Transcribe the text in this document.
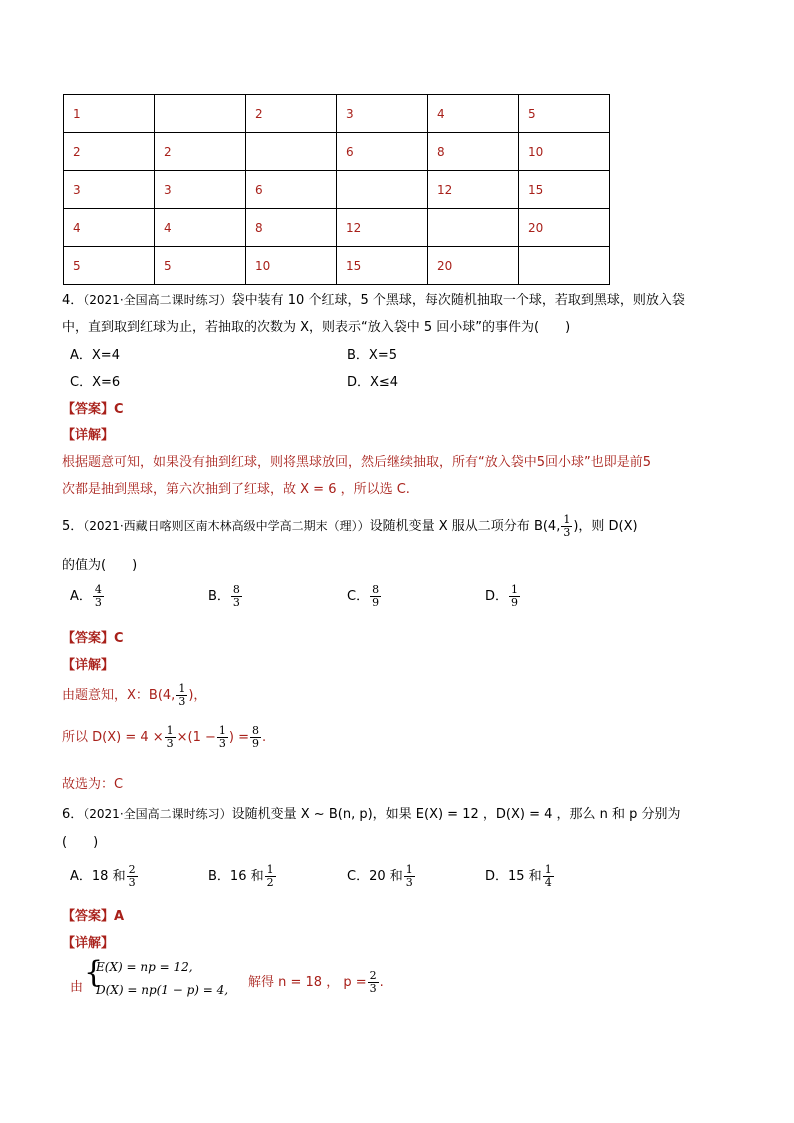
1		2	3	4	5
2	2		6	8	10
3	3	6		12	15
4	4	8	12		20
5	5	10	15	20	
4．（2021·全国高二课时练习）袋中装有 10 个红球，5 个黑球，每次随机抽取一个球，若取到黑球，则放入袋
中，直到取到红球为止，若抽取的次数为 X，则表示“放入袋中 5 回小球”的事件为(　　)
A．X=4	B．X=5
C．X=6	D．X≤4
【答案】C
【详解】
根据题意可知，如果没有抽到红球，则将黑球放回，然后继续抽取，所有“放入袋中5回小球”也即是前5
次都是抽到黑球，第六次抽到了红球，故 X = 6 ，所以选 C.
5．（2021·西藏日喀则区南木林高级中学高二期末（理））设随机变量 X 服从二项分布 B(4, $\frac{1}{3}$ )，则 D(X)
的值为(　　)
A． $\frac{4}{3}$	B． $\frac{8}{3}$	C． $\frac{8}{9}$	D． $\frac{1}{9}$
【答案】C
【详解】
由题意知，X：B(4, $\frac{1}{3}$ )，
所以 $D(X) = 4 \times \frac{1}{3} \times(1 - \frac{1}{3}$ ) = $\frac{8}{9}$ .
故选为：C
6．（2021·全国高二课时练习）设随机变量 X ~ B(n, p)，如果 E(X) = 12 ，D(X) = 4 ，那么 n 和 p 分别为
(　　)
A．18 和 $\frac{2}{3}$	B．16 和 $\frac{1}{2}$	C．20 和 $\frac{1}{3}$	D．15 和 $\frac{1}{4}$
【答案】A
【详解】
由 {
E(X) = np = 12,
D(X) = np(1 − p) = 4, 解得 n = 18 ， $p = \frac{2}{3}$ .
